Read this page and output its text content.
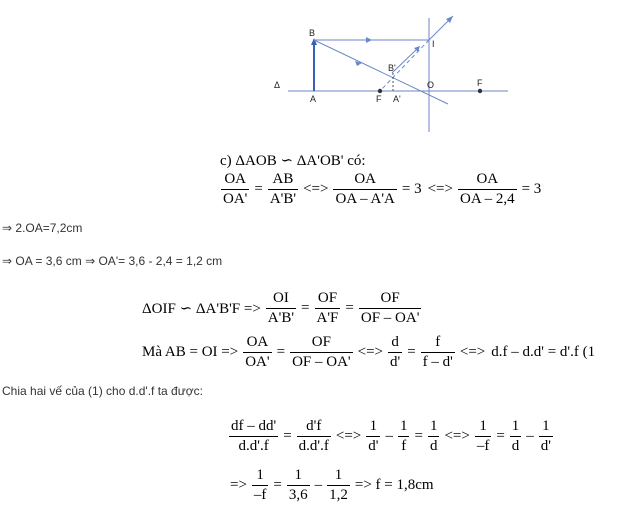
B
I
B'
Δ
A	F A'
O	F
c) ΔAOB ∽ ΔA'OB' có:
$\frac{OA}{OA'} = \frac{AB}{A'B'}$ <=> $\frac{OA}{OA - A'A} = 3$ <=> $\frac{OA}{OA - 2,4} = 3$
⇒ 2.OA=7,2cm
⇒ OA = 3,6 cm ⇒ OA'= 3,6 - 2,4 = 1,2 cm
ΔOIF ∽ $\Delta A'B'F => \frac{OI}{A'B'} = \frac{OF}{A'F} = \frac{OF}{OF - OA'}$
Mà AB = OI => $\frac{OA}{OA'} = \frac{OF}{OF - OA'}$ <=> $\frac{d}{d'} = \frac{f}{f - d'}$ <=> d.f – d.d' = d'.f (1
Chia hai vế của (1) cho d.d'.f ta được:
$\frac{df - dd'}{d.d'.f} = \frac{d'f}{d.d'.f}$ <=> $\frac{1}{d'} - \frac{1}{f} = \frac{1}{d}$ <=> $\frac{1}{-f} = \frac{1}{d} - \frac{1}{d'}$
=> $\frac{1}{-f} = \frac{1}{3,6} - \frac{1}{1,2} => f = 1,8cm$
